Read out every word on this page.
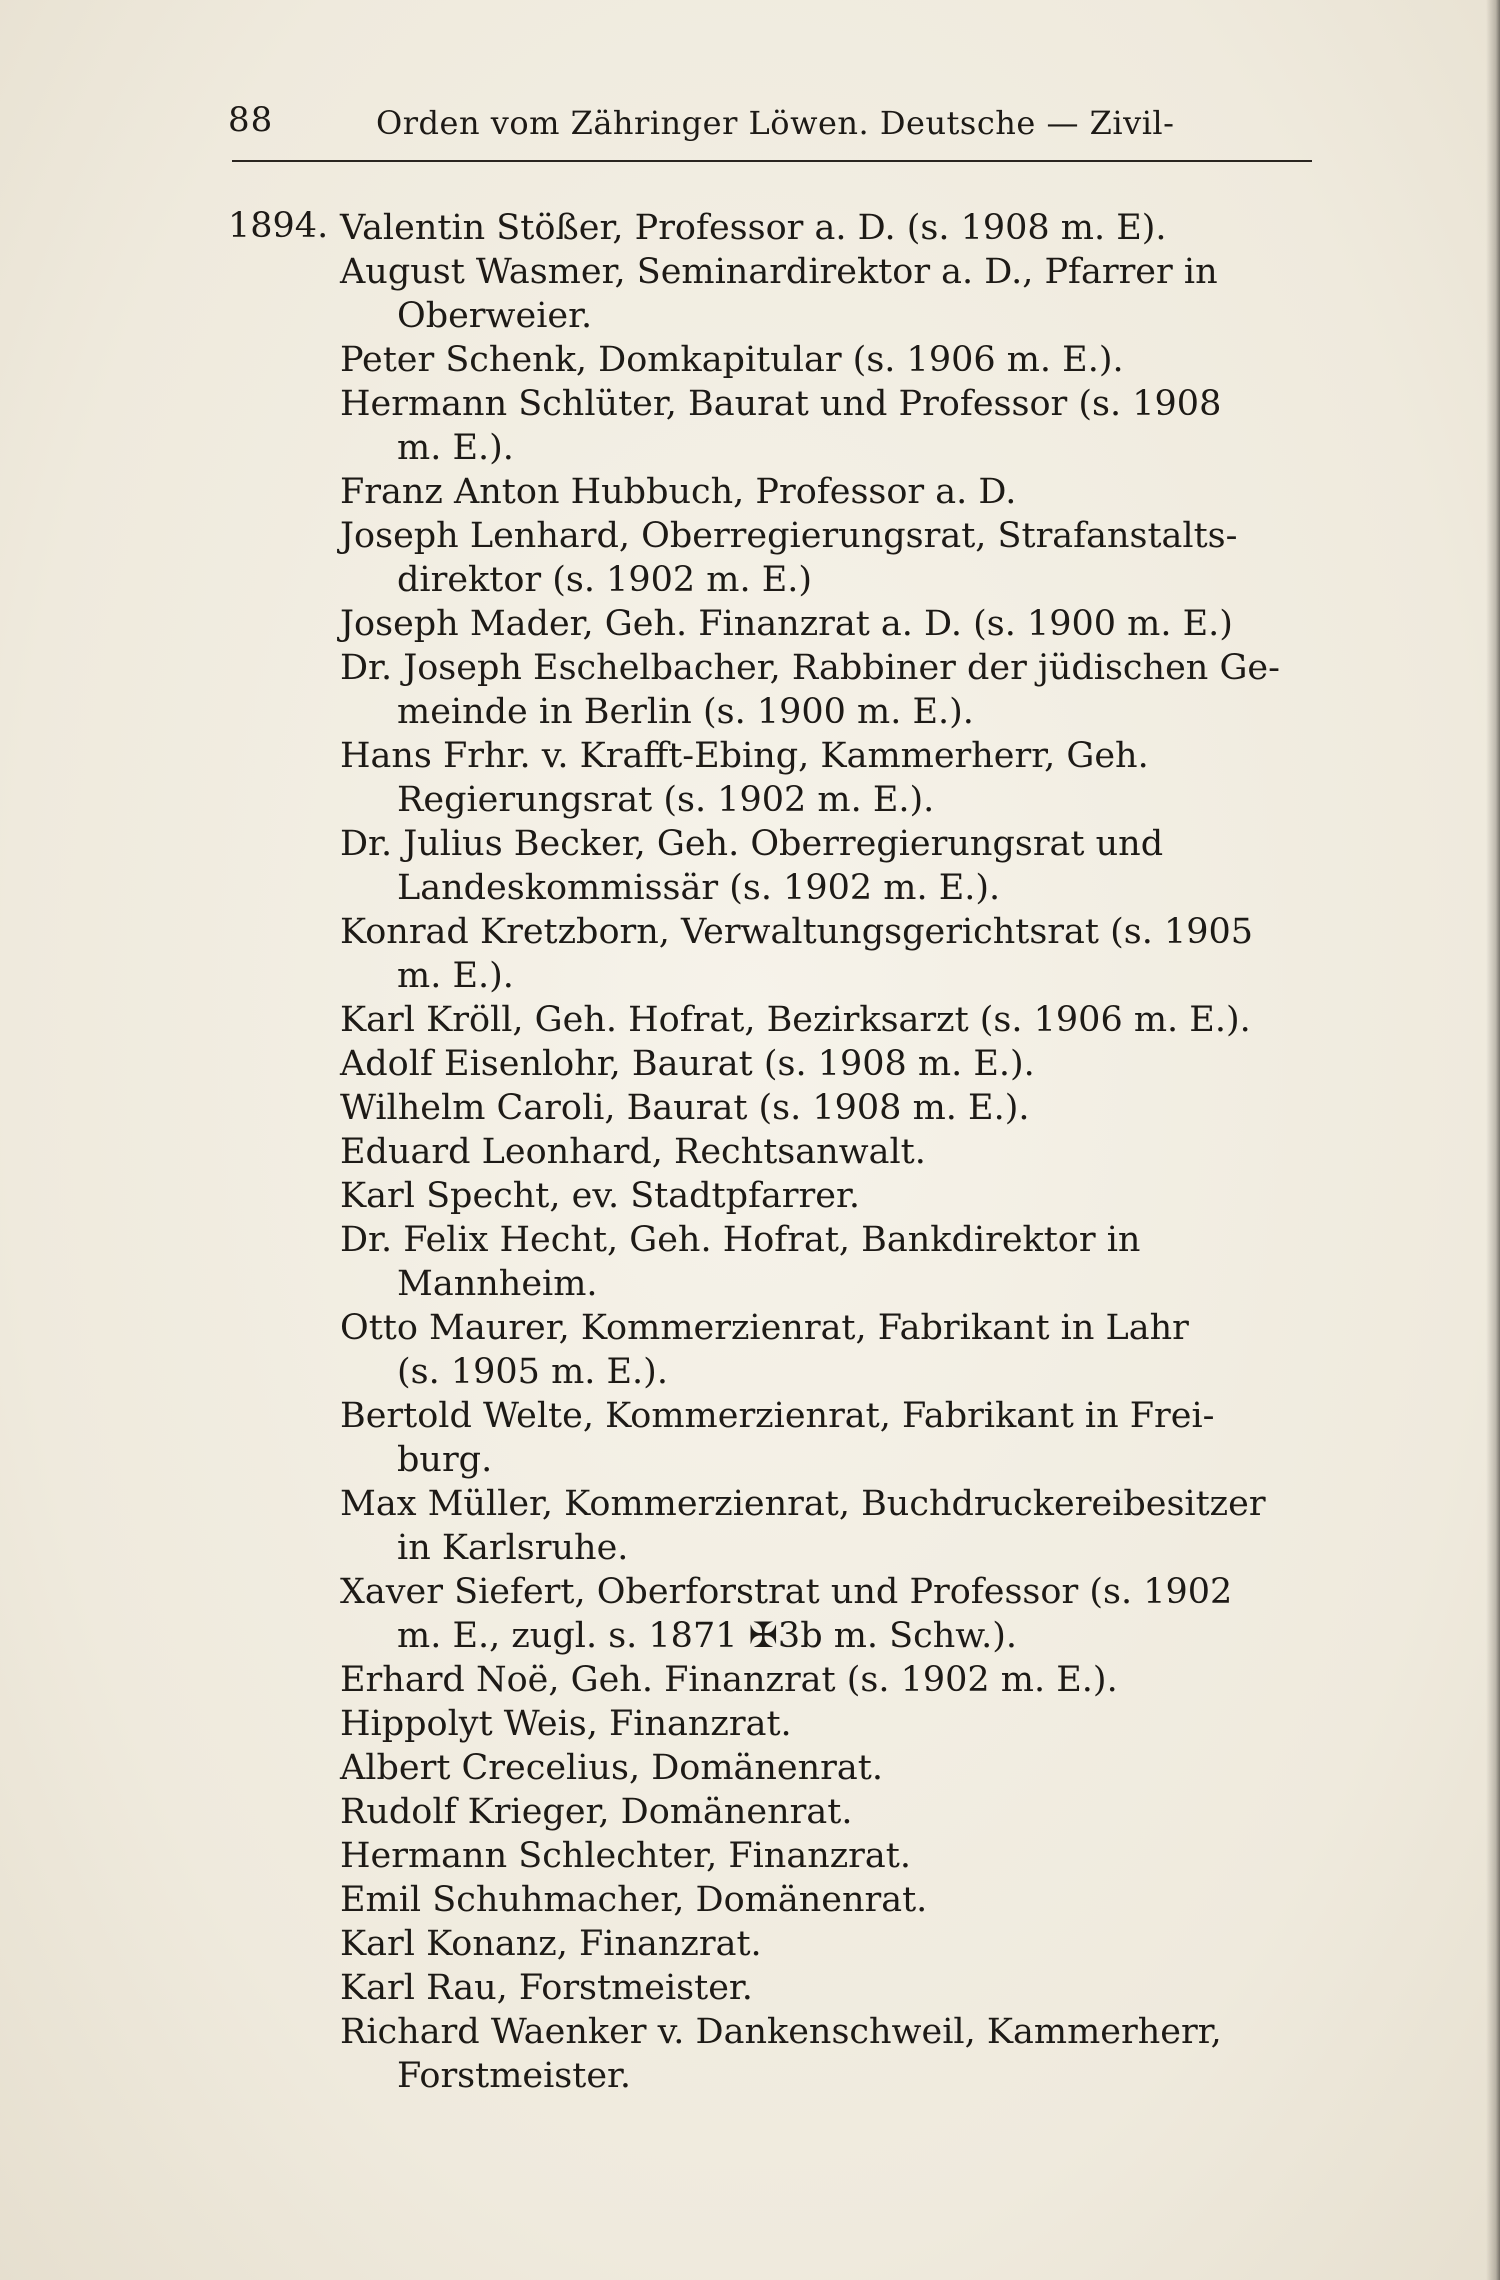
88	Orden vom Zähringer Löwen. Deutsche — Zivil-
1894. Valentin Stößer, Professor a. D. (s. 1908 m. E).
August Wasmer, Seminardirektor a. D., Pfarrer in
Oberweier.
Peter Schenk, Domkapitular (s. 1906 m. E.).
Hermann Schlüter, Baurat und Professor (s. 1908
m. E.).
Franz Anton Hubbuch, Professor a. D.
Joseph Lenhard, Oberregierungsrat, Strafanstalts-
direktor (s. 1902 m. E.)
Joseph Mader, Geh. Finanzrat a. D. (s. 1900 m. E.)
Dr. Joseph Eschelbacher, Rabbiner der jüdischen Ge-
meinde in Berlin (s. 1900 m. E.).
Hans Frhr. v. Krafft-Ebing, Kammerherr, Geh.
Regierungsrat (s. 1902 m. E.).
Dr. Julius Becker, Geh. Oberregierungsrat und
Landeskommissär (s. 1902 m. E.).
Konrad Kretzborn, Verwaltungsgerichtsrat (s. 1905
m. E.).
Karl Kröll, Geh. Hofrat, Bezirksarzt (s. 1906 m. E.).
Adolf Eisenlohr, Baurat (s. 1908 m. E.).
Wilhelm Caroli, Baurat (s. 1908 m. E.).
Eduard Leonhard, Rechtsanwalt.
Karl Specht, ev. Stadtpfarrer.
Dr. Felix Hecht, Geh. Hofrat, Bankdirektor in
Mannheim.
Otto Maurer, Kommerzienrat, Fabrikant in Lahr
(s. 1905 m. E.).
Bertold Welte, Kommerzienrat, Fabrikant in Frei-
burg.
Max Müller, Kommerzienrat, Buchdruckereibesitzer
in Karlsruhe.
Xaver Siefert, Oberforstrat und Professor (s. 1902
m. E., zugl. s. 1871 ✠3b m. Schw.).
Erhard Noë, Geh. Finanzrat (s. 1902 m. E.).
Hippolyt Weis, Finanzrat.
Albert Crecelius, Domänenrat.
Rudolf Krieger, Domänenrat.
Hermann Schlechter, Finanzrat.
Emil Schuhmacher, Domänenrat.
Karl Konanz, Finanzrat.
Karl Rau, Forstmeister.
Richard Waenker v. Dankenschweil, Kammerherr,
Forstmeister.
